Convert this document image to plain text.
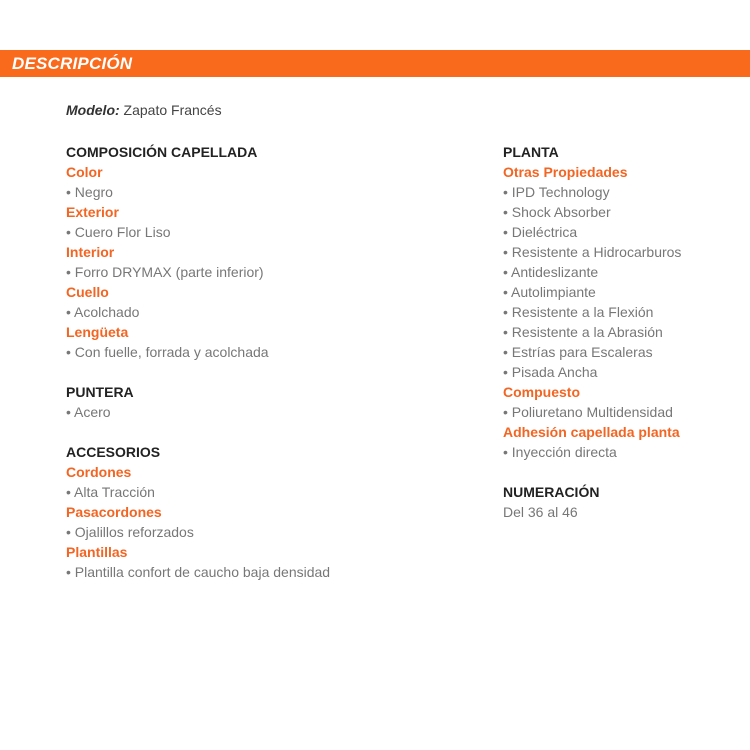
DESCRIPCIÓN
Modelo: Zapato Francés
COMPOSICIÓN CAPELLADA
Color
• Negro
Exterior
• Cuero Flor Liso
Interior
• Forro DRYMAX (parte inferior)
Cuello
• Acolchado
Lengüeta
• Con fuelle, forrada y acolchada
PUNTERA
• Acero
ACCESORIOS
Cordones
• Alta Tracción
Pasacordones
• Ojalillos reforzados
Plantillas
• Plantilla confort de caucho baja densidad
PLANTA
Otras Propiedades
• IPD Technology
• Shock Absorber
• Dieléctrica
• Resistente a Hidrocarburos
• Antideslizante
• Autolimpiante
• Resistente a la Flexión
• Resistente a la Abrasión
• Estrías para Escaleras
• Pisada Ancha
Compuesto
• Poliuretano Multidensidad
Adhesión capellada planta
• Inyección directa
NUMERACIÓN
Del 36 al 46
